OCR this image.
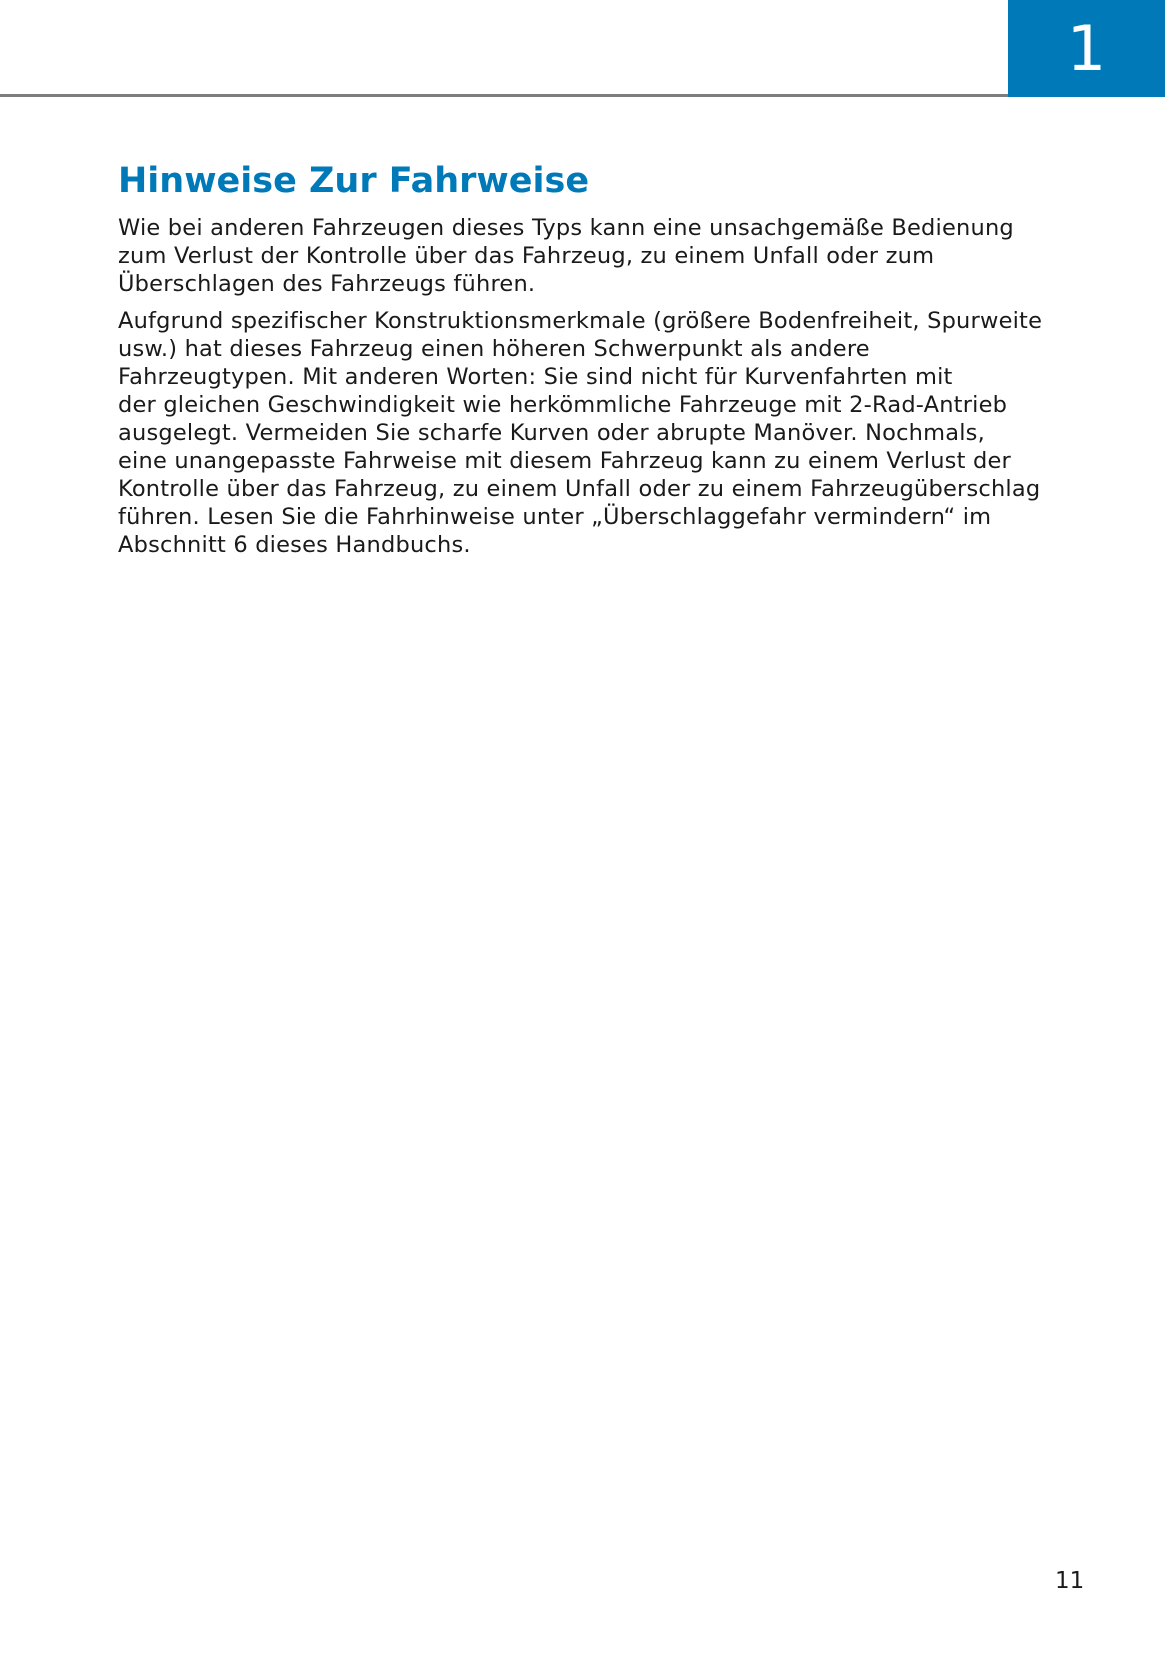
1
Hinweise Zur Fahrweise

Wie bei anderen Fahrzeugen dieses Typs kann eine unsachgemäße Bedienung
zum Verlust der Kontrolle über das Fahrzeug, zu einem Unfall oder zum
Überschlagen des Fahrzeugs führen.

Aufgrund spezifischer Konstruktionsmerkmale (größere Bodenfreiheit, Spurweite
usw.) hat dieses Fahrzeug einen höheren Schwerpunkt als andere
Fahrzeugtypen. Mit anderen Worten: Sie sind nicht für Kurvenfahrten mit
der gleichen Geschwindigkeit wie herkömmliche Fahrzeuge mit 2-Rad-Antrieb
ausgelegt. Vermeiden Sie scharfe Kurven oder abrupte Manöver. Nochmals,
eine unangepasste Fahrweise mit diesem Fahrzeug kann zu einem Verlust der
Kontrolle über das Fahrzeug, zu einem Unfall oder zu einem Fahrzeugüberschlag
führen. Lesen Sie die Fahrhinweise unter „Überschlaggefahr vermindern“ im
Abschnitt 6 dieses Handbuchs.

11
